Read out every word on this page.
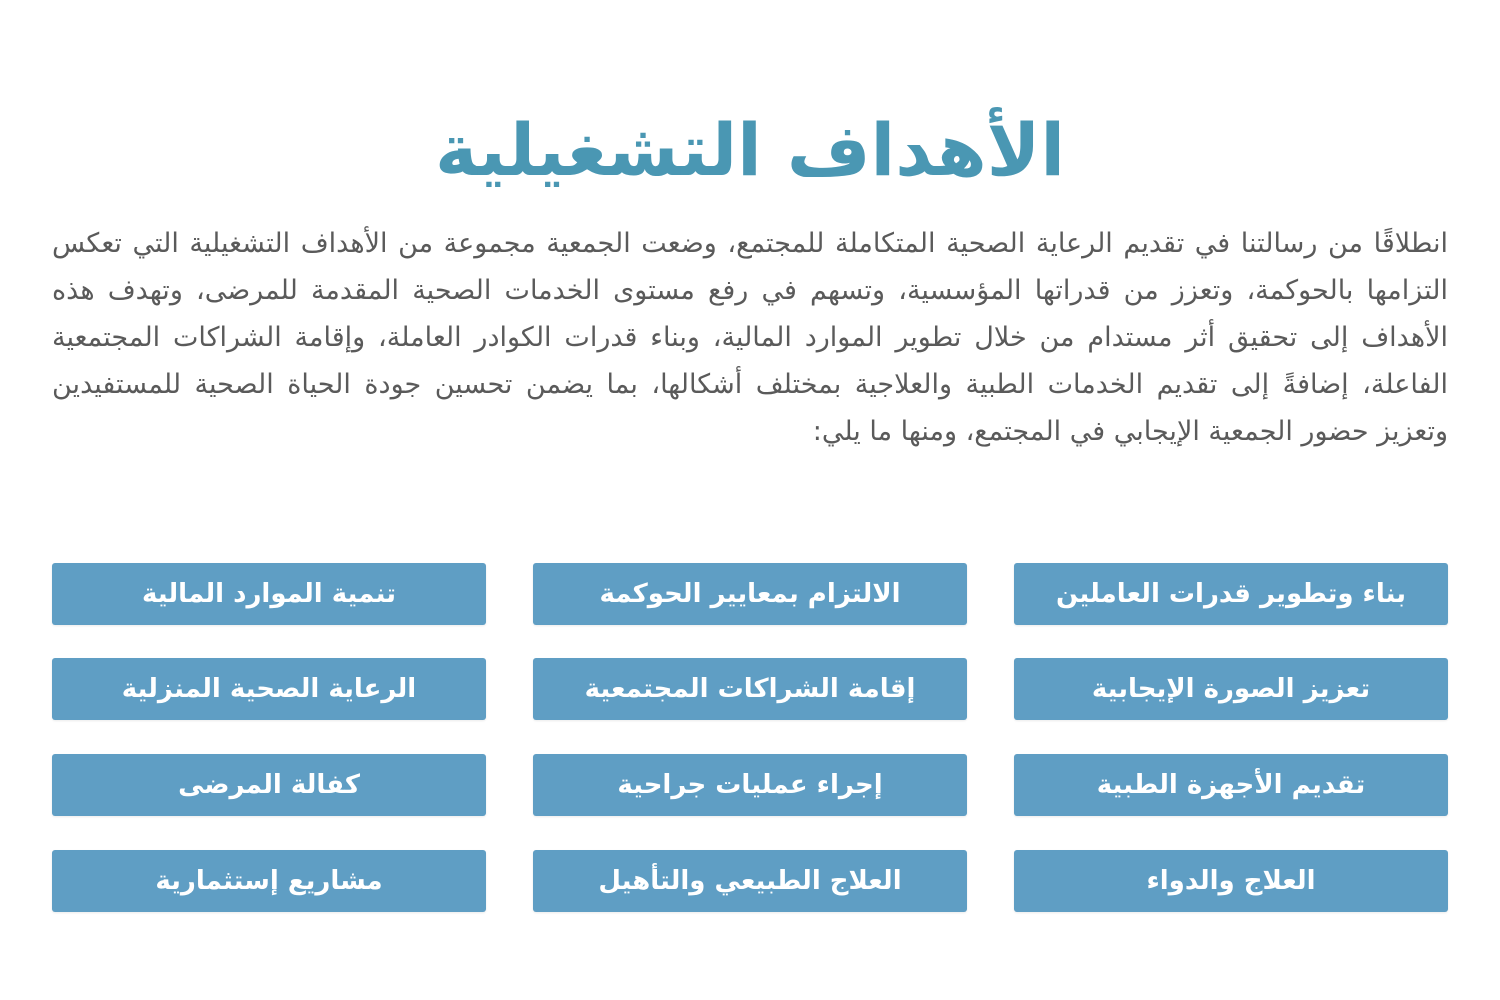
الأهداف التشغيلية

انطلاقًا من رسالتنا في تقديم الرعاية الصحية المتكاملة للمجتمع، وضعت الجمعية مجموعة من الأهداف التشغيلية التي تعكس التزامها بالحوكمة، وتعزز من قدراتها المؤسسية، وتسهم في رفع مستوى الخدمات الصحية المقدمة للمرضى، وتهدف هذه الأهداف إلى تحقيق أثر مستدام من خلال تطوير الموارد المالية، وبناء قدرات الكوادر العاملة، وإقامة الشراكات المجتمعية الفاعلة، إضافةً إلى تقديم الخدمات الطبية والعلاجية بمختلف أشكالها، بما يضمن تحسين جودة الحياة الصحية للمستفيدين وتعزيز حضور الجمعية الإيجابي في المجتمع، ومنها ما يلي:

بناء وتطوير قدرات العاملين
الالتزام بمعايير الحوكمة
تنمية الموارد المالية
تعزيز الصورة الإيجابية
إقامة الشراكات المجتمعية
الرعاية الصحية المنزلية
تقديم الأجهزة الطبية
إجراء عمليات جراحية
كفالة المرضى
العلاج والدواء
العلاج الطبيعي والتأهيل
مشاريع إستثمارية
